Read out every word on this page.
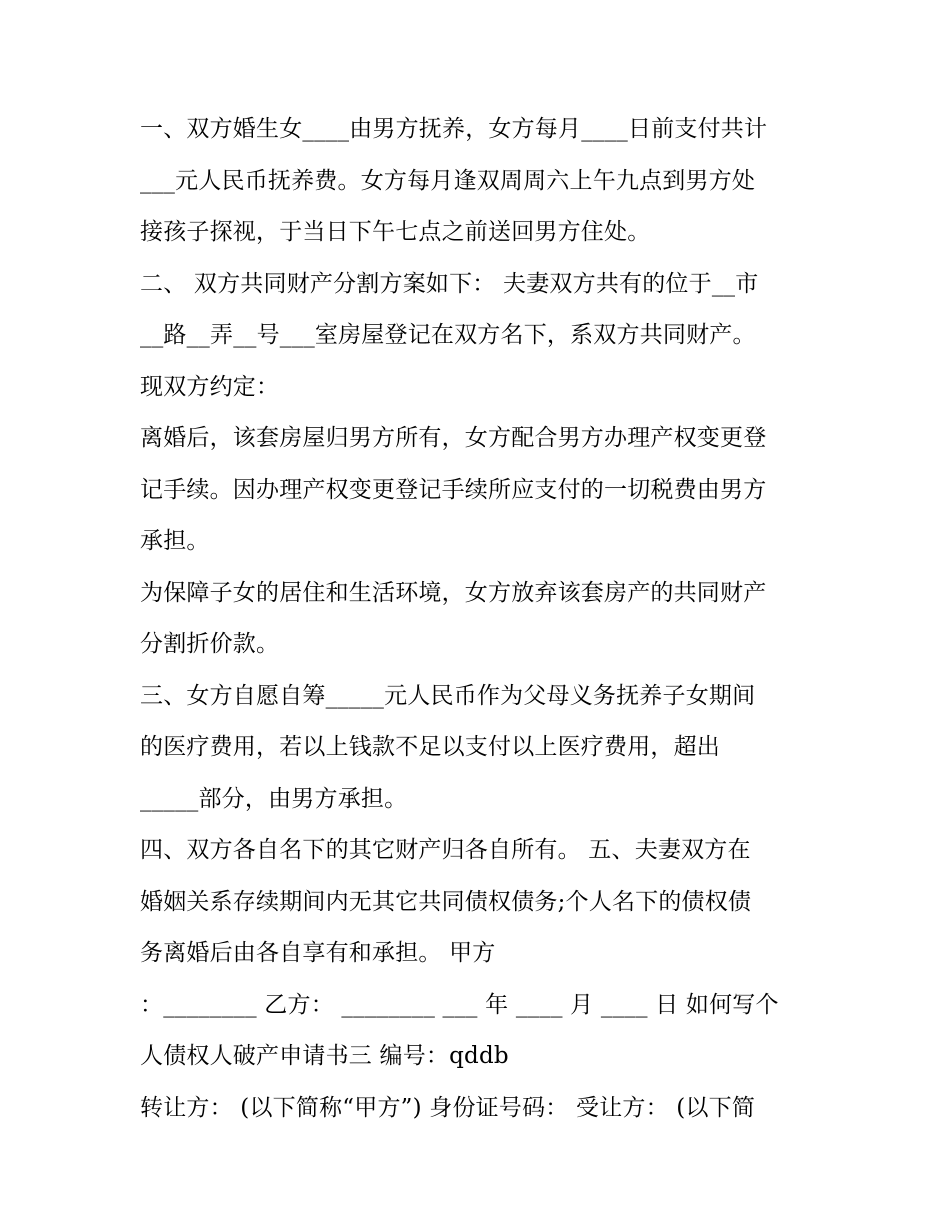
一、双方婚生女____由男方抚养，女方每月____日前支付共计
___元人民币抚养费。女方每月逢双周周六上午九点到男方处
接孩子探视，于当日下午七点之前送回男方住处。
二、 双方共同财产分割方案如下： 夫妻双方共有的位于__市
__路__弄__号___室房屋登记在双方名下，系双方共同财产。
现双方约定：
离婚后，该套房屋归男方所有，女方配合男方办理产权变更登
记手续。因办理产权变更登记手续所应支付的一切税费由男方
承担。
为保障子女的居住和生活环境，女方放弃该套房产的共同财产
分割折价款。
三、女方自愿自筹_____元人民币作为父母义务抚养子女期间
的医疗费用，若以上钱款不足以支付以上医疗费用，超出
_____部分，由男方承担。
四、双方各自名下的其它财产归各自所有。 五、夫妻双方在
婚姻关系存续期间内无其它共同债权债务;个人名下的债权债
务离婚后由各自享有和承担。 甲方
：________ 乙方： ________ ___ 年 ____ 月 ____ 日 如何写个
人债权人破产申请书三 编号：qddb
转让方： (以下简称“甲方”) 身份证号码： 受让方： (以下简
